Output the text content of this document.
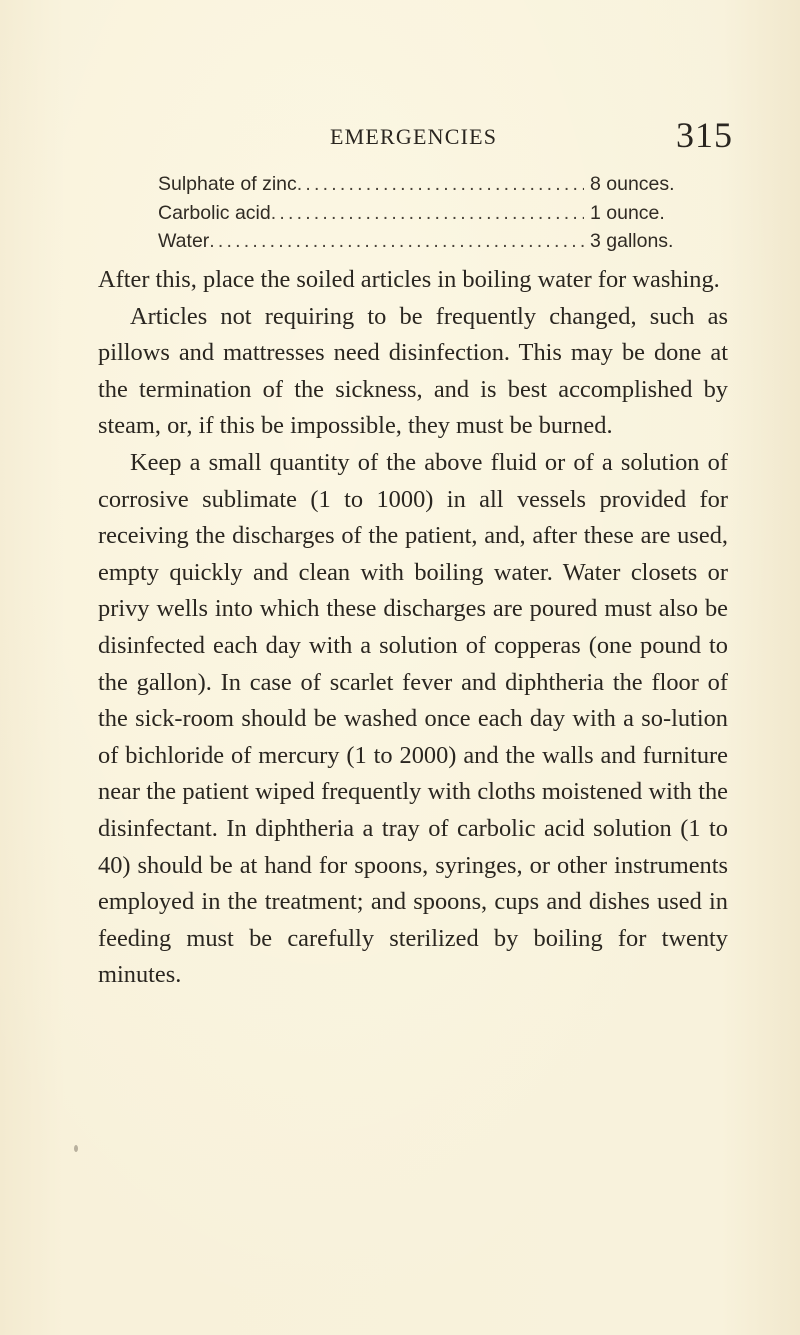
EMERGENCIES	315
Sulphate of zinc .....	8 ounces.
Carbolic acid .....	1 ounce.
Water .....	3 gallons.

After this, place the soiled articles in boiling water for washing.

Articles not requiring to be frequently changed, such as pillows and mattresses need disinfection. This may be done at the termination of the sickness, and is best accomplished by steam, or, if this be impossible, they must be burned.

Keep a small quantity of the above fluid or of a solution of corrosive sublimate (1 to 1000) in all vessels provided for receiving the discharges of the patient, and, after these are used, empty quickly and clean with boiling water. Water closets or privy wells into which these discharges are poured must also be disinfected each day with a solution of copperas (one pound to the gallon). In case of scarlet fever and diphtheria the floor of the sick-room should be washed once each day with a so-lution of bichloride of mercury (1 to 2000) and the walls and furniture near the patient wiped frequently with cloths moistened with the disinfectant. In diphtheria a tray of carbolic acid solution (1 to 40) should be at hand for spoons, syringes, or other instruments employed in the treatment; and spoons, cups and dishes used in feeding must be carefully sterilized by boiling for twenty minutes.
